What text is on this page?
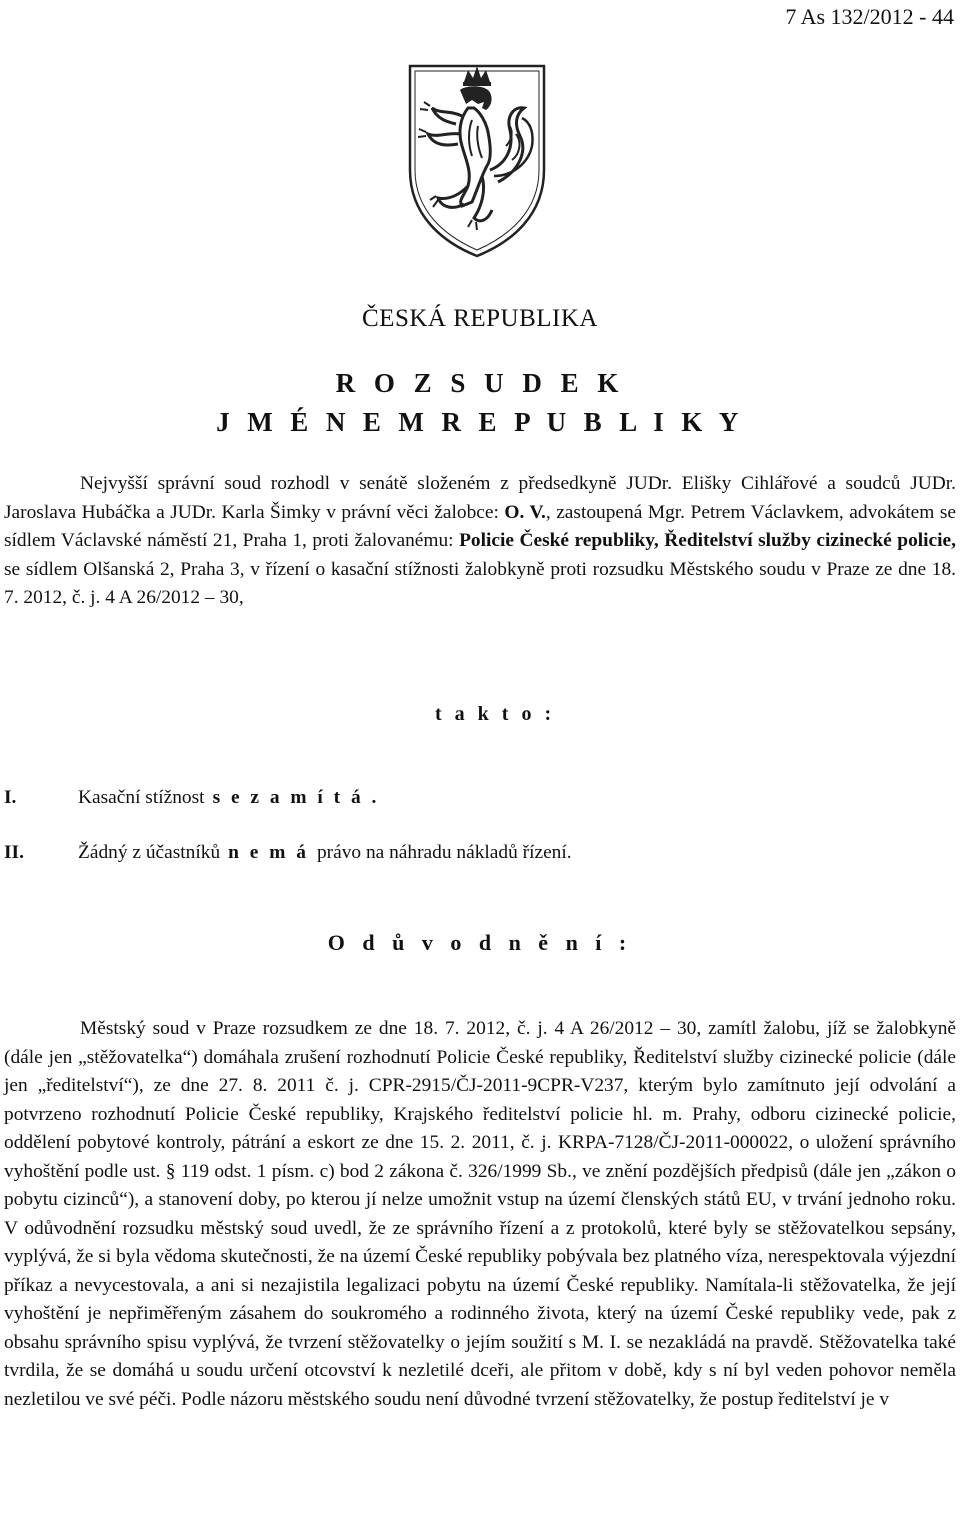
7 As 132/2012 - 44
ČESKÁ REPUBLIKA
R O Z S U D E K
J M É N E M R E P U B L I K Y
Nejvyšší správní soud rozhodl v senátě složeném z předsedkyně JUDr. Elišky Cihlářové a soudců JUDr. Jaroslava Hubáčka a JUDr. Karla Šimky v právní věci žalobce: O. V., zastoupená Mgr. Petrem Václavkem, advokátem se sídlem Václavské náměstí 21, Praha 1, proti žalovanému: Policie České republiky, Ředitelství služby cizinecké policie, se sídlem Olšanská 2, Praha 3, v řízení o kasační stížnosti žalobkyně proti rozsudku Městského soudu v Praze ze dne 18. 7. 2012, č. j. 4 A 26/2012 – 30,
t a k t o :
I.	Kasační stížnost s e z a m í t á .
II.	Žádný z účastníků n e m á právo na náhradu nákladů řízení.
O d ů v o d n ě n í :
Městský soud v Praze rozsudkem ze dne 18. 7. 2012, č. j. 4 A 26/2012 – 30, zamítl žalobu, jíž se žalobkyně (dále jen „stěžovatelka“) domáhala zrušení rozhodnutí Policie České republiky, Ředitelství služby cizinecké policie (dále jen „ředitelství“), ze dne 27. 8. 2011 č. j. CPR-2915/ČJ-2011-9CPR-V237, kterým bylo zamítnuto její odvolání a potvrzeno rozhodnutí Policie České republiky, Krajského ředitelství policie hl. m. Prahy, odboru cizinecké policie, oddělení pobytové kontroly, pátrání a eskort ze dne 15. 2. 2011, č. j. KRPA-7128/ČJ-2011-000022, o uložení správního vyhoštění podle ust. § 119 odst. 1 písm. c) bod 2 zákona č. 326/1999 Sb., ve znění pozdějších předpisů (dále jen „zákon o pobytu cizinců“), a stanovení doby, po kterou jí nelze umožnit vstup na území členských států EU, v trvání jednoho roku. V odůvodnění rozsudku městský soud uvedl, že ze správního řízení a z protokolů, které byly se stěžovatelkou sepsány, vyplývá, že si byla vědoma skutečnosti, že na území České republiky pobývala bez platného víza, nerespektovala výjezdní příkaz a nevycestovala, a ani si nezajistila legalizaci pobytu na území České republiky. Namítala-li stěžovatelka, že její vyhoštění je nepřiměřeným zásahem do soukromého a rodinného života, který na území České republiky vede, pak z obsahu správního spisu vyplývá, že tvrzení stěžovatelky o jejím soužití s M. I. se nezakládá na pravdě. Stěžovatelka také tvrdila, že se domáhá u soudu určení otcovství k nezletilé dceři, ale přitom v době, kdy s ní byl veden pohovor neměla nezletilou ve své péči. Podle názoru městského soudu není důvodné tvrzení stěžovatelky, že postup ředitelství je v
